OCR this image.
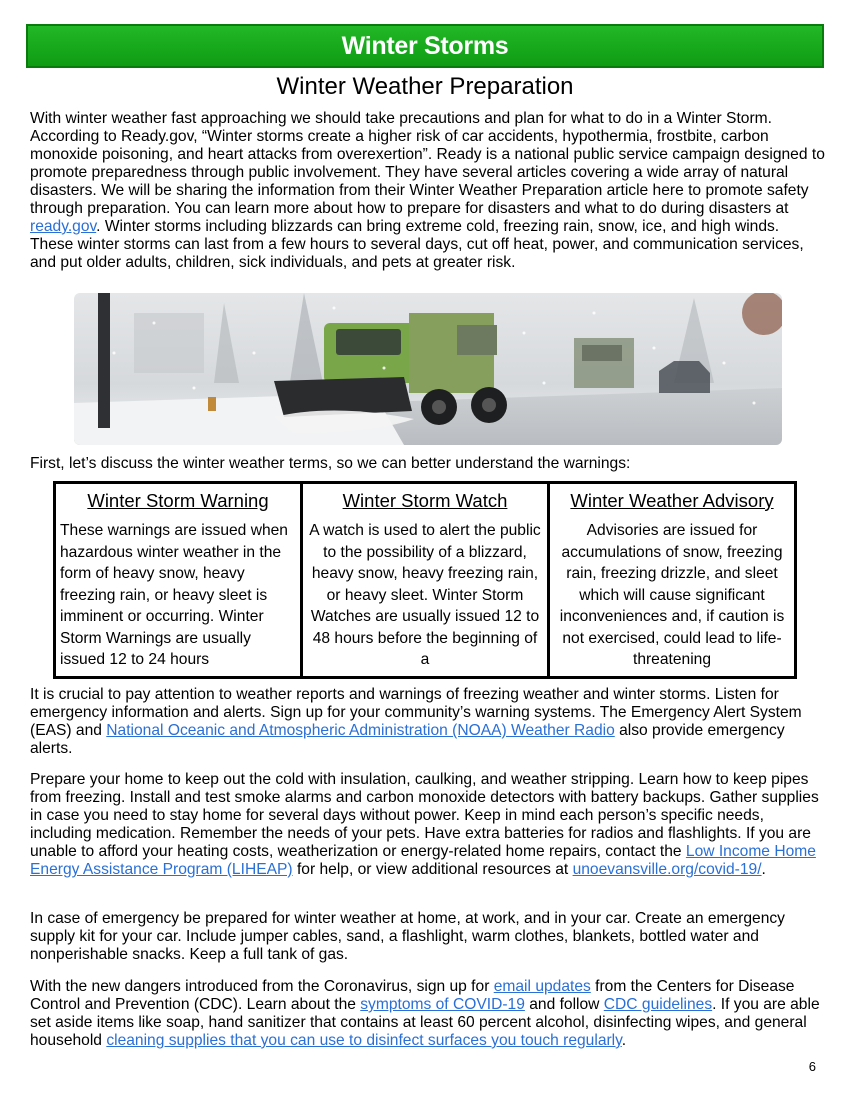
Winter Storms
Winter Weather Preparation

With winter weather fast approaching we should take precautions and plan for what to do in a Winter Storm. According to Ready.gov, “Winter storms create a higher risk of car accidents, hypothermia, frostbite, carbon monoxide poisoning, and heart attacks from overexertion”. Ready is a national public service campaign designed to promote preparedness through public involvement. They have several articles covering a wide array of natural disasters. We will be sharing the information from their Winter Weather Preparation article here to promote safety through preparation. You can learn more about how to prepare for disasters and what to do during disasters at ready.gov. Winter storms including blizzards can bring extreme cold, freezing rain, snow, ice, and high winds. These winter storms can last from a few hours to several days, cut off heat, power, and communication services, and put older adults, children, sick individuals, and pets at greater risk.

First, let’s discuss the winter weather terms, so we can better understand the warnings:

Winter Storm Warning

These warnings are issued when hazardous winter weather in the form of heavy snow, heavy freezing rain, or heavy sleet is imminent or occurring. Winter Storm Warnings are usually issued 12 to 24 hours

Winter Storm Watch

A watch is used to alert the public to the possibility of a blizzard, heavy snow, heavy freezing rain, or heavy sleet. Winter Storm Watches are usually issued 12 to 48 hours before the beginning of a

Winter Weather Advisory

Advisories are issued for accumulations of snow, freezing rain, freezing drizzle, and sleet which will cause significant inconveniences and, if caution is not exercised, could lead to life-threatening

It is crucial to pay attention to weather reports and warnings of freezing weather and winter storms. Listen for emergency information and alerts. Sign up for your community’s warning systems. The Emergency Alert System (EAS) and National Oceanic and Atmospheric Administration (NOAA) Weather Radio also provide emergency alerts.

Prepare your home to keep out the cold with insulation, caulking, and weather stripping. Learn how to keep pipes from freezing. Install and test smoke alarms and carbon monoxide detectors with battery backups. Gather supplies in case you need to stay home for several days without power. Keep in mind each person’s specific needs, including medication. Remember the needs of your pets. Have extra batteries for radios and flashlights. If you are unable to afford your heating costs, weatherization or energy-related home repairs, contact the Low Income Home Energy Assistance Program (LIHEAP) for help, or view additional resources at unoevansville.org/covid-19/.

In case of emergency be prepared for winter weather at home, at work, and in your car. Create an emergency supply kit for your car. Include jumper cables, sand, a flashlight, warm clothes, blankets, bottled water and nonperishable snacks. Keep a full tank of gas.

With the new dangers introduced from the Coronavirus, sign up for email updates from the Centers for Disease Control and Prevention (CDC). Learn about the symptoms of COVID-19 and follow CDC guidelines. If you are able set aside items like soap, hand sanitizer that contains at least 60 percent alcohol, disinfecting wipes, and general household cleaning supplies that you can use to disinfect surfaces you touch regularly.

6
